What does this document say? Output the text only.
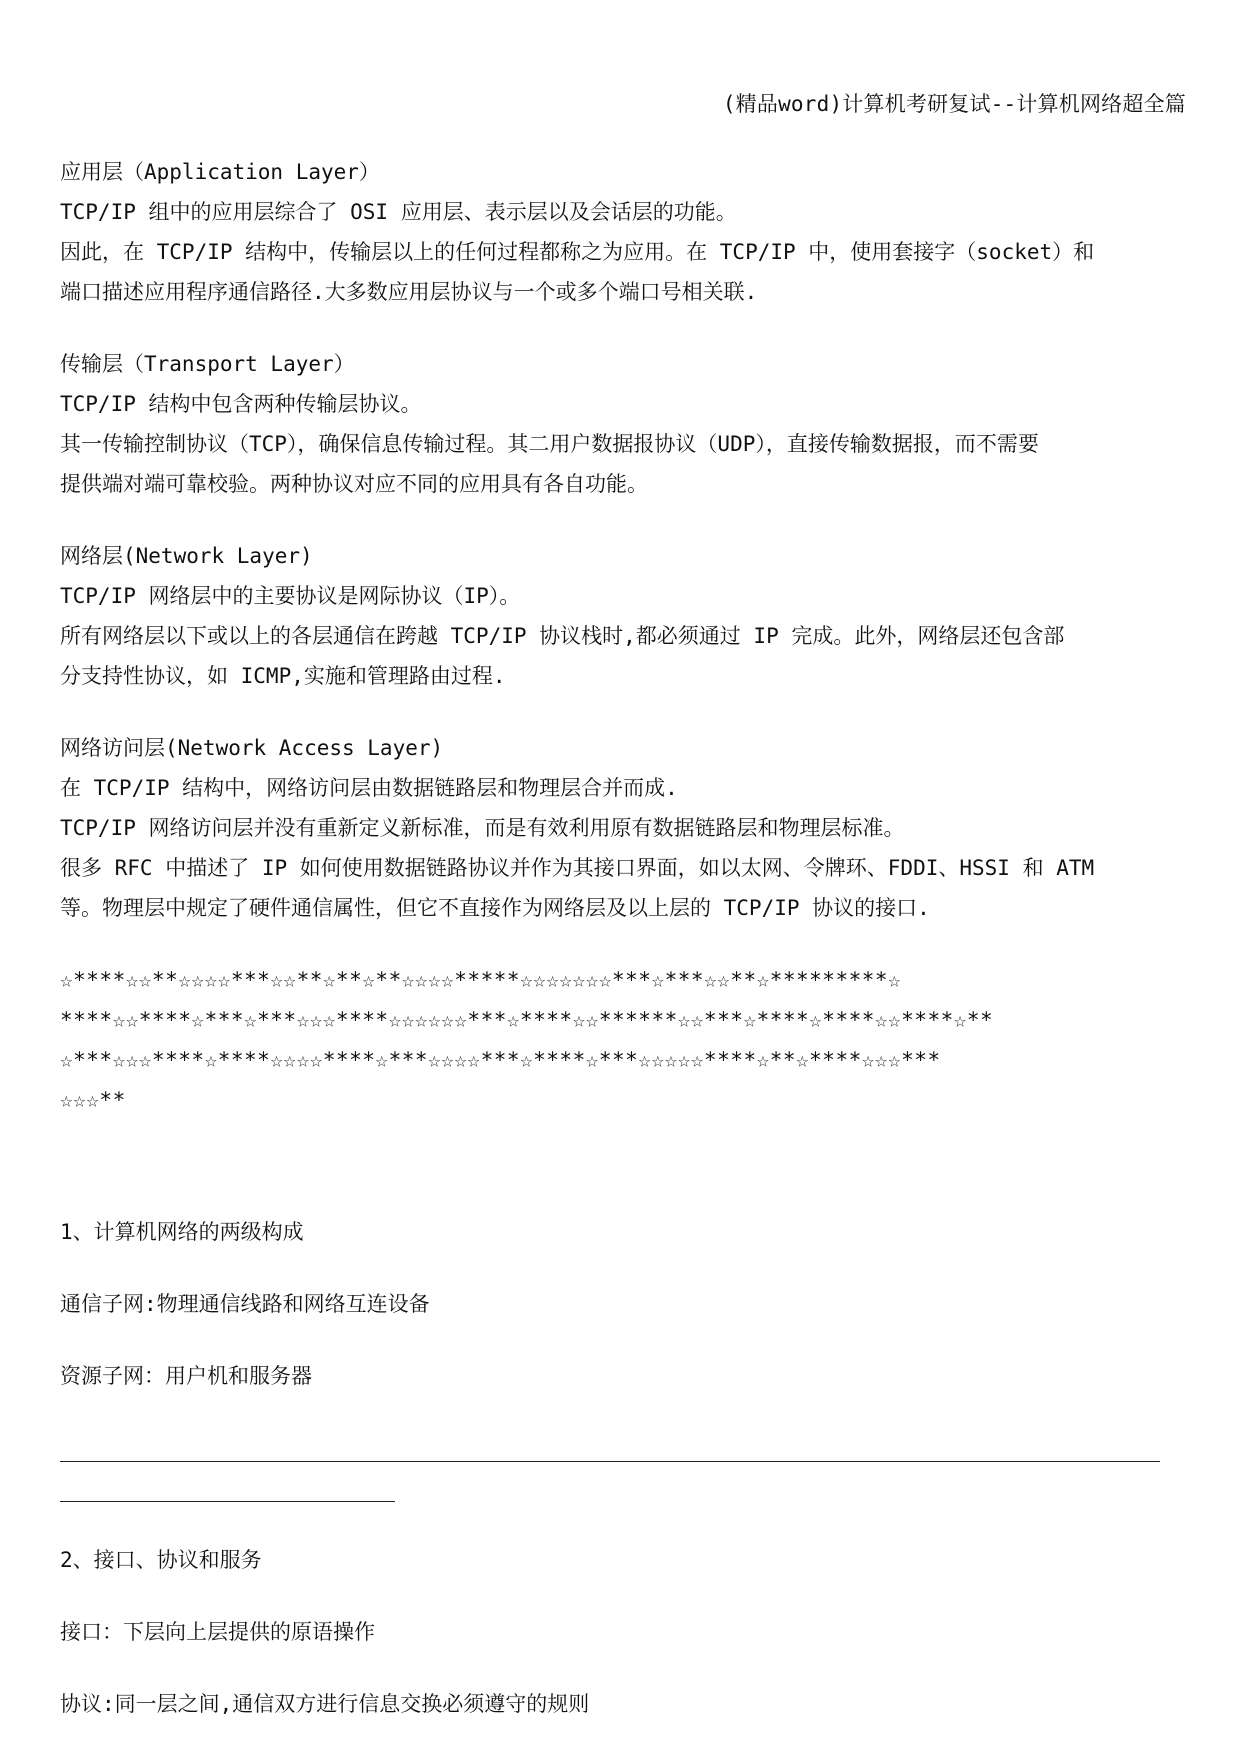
(精品word)计算机考研复试--计算机网络超全篇
应用层（Application Layer）
TCP/IP 组中的应用层综合了 OSI 应用层、表示层以及会话层的功能。
因此，在 TCP/IP 结构中，传输层以上的任何过程都称之为应用。在 TCP/IP 中，使用套接字（socket）和
端口描述应用程序通信路径.大多数应用层协议与一个或多个端口号相关联.
传输层（Transport Layer）
TCP/IP 结构中包含两种传输层协议。
其一传输控制协议（TCP），确保信息传输过程。其二用户数据报协议（UDP），直接传输数据报，而不需要
提供端对端可靠校验。两种协议对应不同的应用具有各自功能。
网络层(Network Layer)
TCP/IP 网络层中的主要协议是网际协议（IP）。
所有网络层以下或以上的各层通信在跨越 TCP/IP 协议栈时,都必须通过 IP 完成。此外，网络层还包含部
分支持性协议，如 ICMP,实施和管理路由过程.
网络访问层(Network Access Layer)
在 TCP/IP 结构中，网络访问层由数据链路层和物理层合并而成.
TCP/IP 网络访问层并没有重新定义新标准，而是有效利用原有数据链路层和物理层标准。
很多 RFC 中描述了 IP 如何使用数据链路协议并作为其接口界面，如以太网、令牌环、FDDI、HSSI 和 ATM
等。物理层中规定了硬件通信属性，但它不直接作为网络层及以上层的 TCP/IP 协议的接口.
☆****☆☆**☆☆☆☆***☆☆**☆**☆**☆☆☆☆*****☆☆☆☆☆☆☆***☆***☆☆**☆*********☆
****☆☆****☆***☆***☆☆☆****☆☆☆☆☆☆***☆****☆☆******☆☆***☆****☆****☆☆****☆**
☆***☆☆☆****☆****☆☆☆☆****☆***☆☆☆☆***☆****☆***☆☆☆☆☆****☆**☆****☆☆☆***
☆☆☆**
1、计算机网络的两级构成
通信子网:物理通信线路和网络互连设备
资源子网：用户机和服务器
2、接口、协议和服务
接口：下层向上层提供的原语操作
协议:同一层之间,通信双方进行信息交换必须遵守的规则
